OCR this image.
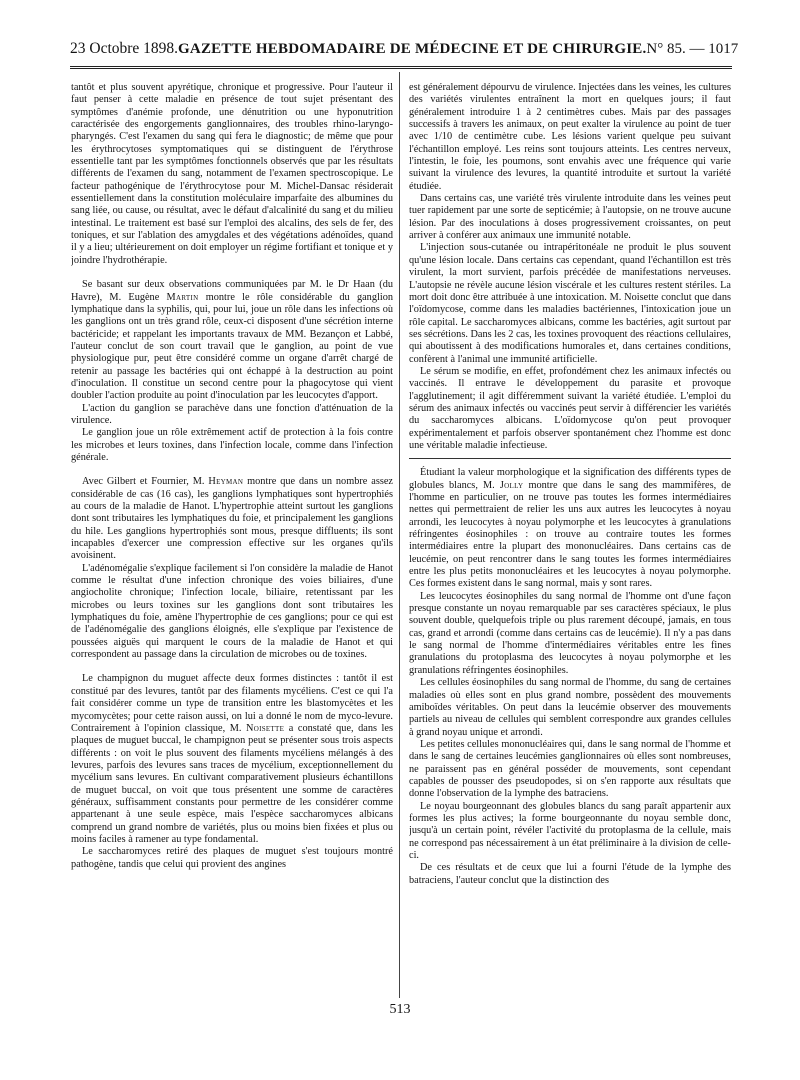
23 Octobre 1898. GAZETTE HEBDOMADAIRE DE MÉDECINE ET DE CHIRURGIE. N° 85. — 1017

tantôt et plus souvent apyrétique, chronique et progressive. Pour l'auteur il faut penser à cette maladie en présence de tout sujet présentant des symptômes d'anémie profonde, une dénutrition ou une hyponutrition caractérisée des engorgements ganglionnaires, des troubles rhino-laryngo-pharyngés. C'est l'examen du sang qui fera le diagnostic; de même que pour les érythrocytoses symptomatiques qui se distinguent de l'érythrose essentielle tant par les symptômes fonctionnels observés que par les résultats différents de l'examen du sang, notamment de l'examen spectroscopique. Le facteur pathogénique de l'érythrocytose pour M. Michel-Dansac résiderait essentiellement dans la constitution moléculaire imparfaite des albumines du sang liée, ou cause, ou résultat, avec le défaut d'alcalinité du sang et du milieu intestinal. Le traitement est basé sur l'emploi des alcalins, des sels de fer, des toniques, et sur l'ablation des amygdales et des végétations adénoïdes, quand il y a lieu; ultérieurement on doit employer un régime fortifiant et tonique et y joindre l'hydrothérapie.

Se basant sur deux observations communiquées par M. le Dr Haan (du Havre), M. Eugène Martin montre le rôle considérable du ganglion lymphatique dans la syphilis, qui, pour lui, joue un rôle dans les infections où les ganglions ont un très grand rôle, ceux-ci disposent d'une sécrétion interne bactéricide; et rappelant les importants travaux de MM. Bezançon et Labbé, l'auteur conclut de son court travail que le ganglion, au point de vue physiologique pur, peut être considéré comme un organe d'arrêt chargé de retenir au passage les bactéries qui ont échappé à la destruction au point d'inoculation. Il constitue un second centre pour la phagocytose qui vient doubler l'action produite au point d'inoculation par les leucocytes d'apport.

L'action du ganglion se parachève dans une fonction d'atténuation de la virulence.

Le ganglion joue un rôle extrêmement actif de protection à la fois contre les microbes et leurs toxines, dans l'infection locale, comme dans l'infection générale.

Avec Gilbert et Fournier, M. Heyman montre que dans un nombre assez considérable de cas (16 cas), les ganglions lymphatiques sont hypertrophiés au cours de la maladie de Hanot. L'hypertrophie atteint surtout les ganglions dont sont tributaires les lymphatiques du foie, et principalement les ganglions du hile. Les ganglions hypertrophiés sont mous, presque diffluents; ils sont incapables d'exercer une compression effective sur les organes qu'ils avoisinent.

L'adénomégalie s'explique facilement si l'on considère la maladie de Hanot comme le résultat d'une infection chronique des voies biliaires, d'une angiocholite chronique; l'infection locale, biliaire, retentissant par les microbes ou leurs toxines sur les ganglions dont sont tributaires les lymphatiques du foie, amène l'hypertrophie de ces ganglions; pour ce qui est de l'adénomégalie des ganglions éloignés, elle s'explique par l'existence de poussées aiguës qui marquent le cours de la maladie de Hanot et qui correspondent au passage dans la circulation de microbes ou de toxines.

Le champignon du muguet affecte deux formes distinctes : tantôt il est constitué par des levures, tantôt par des filaments mycéliens. C'est ce qui l'a fait considérer comme un type de transition entre les blastomycètes et les mycomycètes; pour cette raison aussi, on lui a donné le nom de myco-levure. Contrairement à l'opinion classique, M. Noisette a constaté que, dans les plaques de muguet buccal, le champignon peut se présenter sous trois aspects différents : on voit le plus souvent des filaments mycéliens mélangés à des levures, parfois des levures sans traces de mycélium, exceptionnellement du mycélium sans levures. En cultivant comparativement plusieurs échantillons de muguet buccal, on voit que tous présentent une somme de caractères généraux, suffisamment constants pour permettre de les considérer comme appartenant à une seule espèce, mais l'espèce saccharomyces albicans comprend un grand nombre de variétés, plus ou moins bien fixées et plus ou moins faciles à ramener au type fondamental.

Le saccharomyces retiré des plaques de muguet s'est toujours montré pathogène, tandis que celui qui provient des angines

est généralement dépourvu de virulence. Injectées dans les veines, les cultures des variétés virulentes entraînent la mort en quelques jours; il faut généralement introduire 1 à 2 centimètres cubes. Mais par des passages successifs à travers les animaux, on peut exalter la virulence au point de tuer avec 1/10 de centimètre cube. Les lésions varient quelque peu suivant l'échantillon employé. Les reins sont toujours atteints. Les centres nerveux, l'intestin, le foie, les poumons, sont envahis avec une fréquence qui varie suivant la virulence des levures, la quantité introduite et surtout la variété étudiée.

Dans certains cas, une variété très virulente introduite dans les veines peut tuer rapidement par une sorte de septicémie; à l'autopsie, on ne trouve aucune lésion. Par des inoculations à doses progressivement croissantes, on peut arriver à conférer aux animaux une immunité notable.

L'injection sous-cutanée ou intrapéritonéale ne produit le plus souvent qu'une lésion locale. Dans certains cas cependant, quand l'échantillon est très virulent, la mort survient, parfois précédée de manifestations nerveuses. L'autopsie ne révèle aucune lésion viscérale et les cultures restent stériles. La mort doit donc être attribuée à une intoxication. M. Noisette conclut que dans l'oïdomycose, comme dans les maladies bactériennes, l'intoxication joue un rôle capital. Le saccharomyces albicans, comme les bactéries, agit surtout par ses sécrétions. Dans les 2 cas, les toxines provoquent des réactions cellulaires, qui aboutissent à des modifications humorales et, dans certaines conditions, confèrent à l'animal une immunité artificielle.

Le sérum se modifie, en effet, profondément chez les animaux infectés ou vaccinés. Il entrave le développement du parasite et provoque l'agglutinement; il agit différemment suivant la variété étudiée. L'emploi du sérum des animaux infectés ou vaccinés peut servir à différencier les variétés du saccharomyces albicans. L'oïdomycose qu'on peut provoquer expérimentalement et parfois observer spontanément chez l'homme est donc une véritable maladie infectieuse.

Étudiant la valeur morphologique et la signification des différents types de globules blancs, M. Jolly montre que dans le sang des mammifères, de l'homme en particulier, on ne trouve pas toutes les formes intermédiaires nettes qui permettraient de relier les uns aux autres les leucocytes à noyau arrondi, les leucocytes à noyau polymorphe et les leucocytes à granulations réfringentes éosinophiles : on trouve au contraire toutes les formes intermédiaires entre la plupart des mononucléaires. Dans certains cas de leucémie, on peut rencontrer dans le sang toutes les formes intermédiaires entre les plus petits mononucléaires et les leucocytes à noyau polymorphe. Ces formes existent dans le sang normal, mais y sont rares.

Les leucocytes éosinophiles du sang normal de l'homme ont d'une façon presque constante un noyau remarquable par ses caractères spéciaux, le plus souvent double, quelquefois triple ou plus rarement découpé, jamais, en tous cas, grand et arrondi (comme dans certains cas de leucémie). Il n'y a pas dans le sang normal de l'homme d'intermédiaires véritables entre les fines granulations du protoplasma des leucocytes à noyau polymorphe et les granulations réfringentes éosinophiles.

Les cellules éosinophiles du sang normal de l'homme, du sang de certaines maladies où elles sont en plus grand nombre, possèdent des mouvements amiboïdes véritables. On peut dans la leucémie observer des mouvements partiels au niveau de cellules qui semblent correspondre aux grandes cellules à grand noyau unique et arrondi.

Les petites cellules mononucléaires qui, dans le sang normal de l'homme et dans le sang de certaines leucémies ganglionnaires où elles sont nombreuses, ne paraissent pas en général posséder de mouvements, sont cependant capables de pousser des pseudopodes, si on s'en rapporte aux résultats que donne l'observation de la lymphe des batraciens.

Le noyau bourgeonnant des globules blancs du sang paraît appartenir aux formes les plus actives; la forme bourgeonnante du noyau semble donc, jusqu'à un certain point, révéler l'activité du protoplasma de la cellule, mais ne correspond pas nécessairement à un état préliminaire à la division de celle-ci.

De ces résultats et de ceux que lui a fourni l'étude de la lymphe des batraciens, l'auteur conclut que la distinction des

513
